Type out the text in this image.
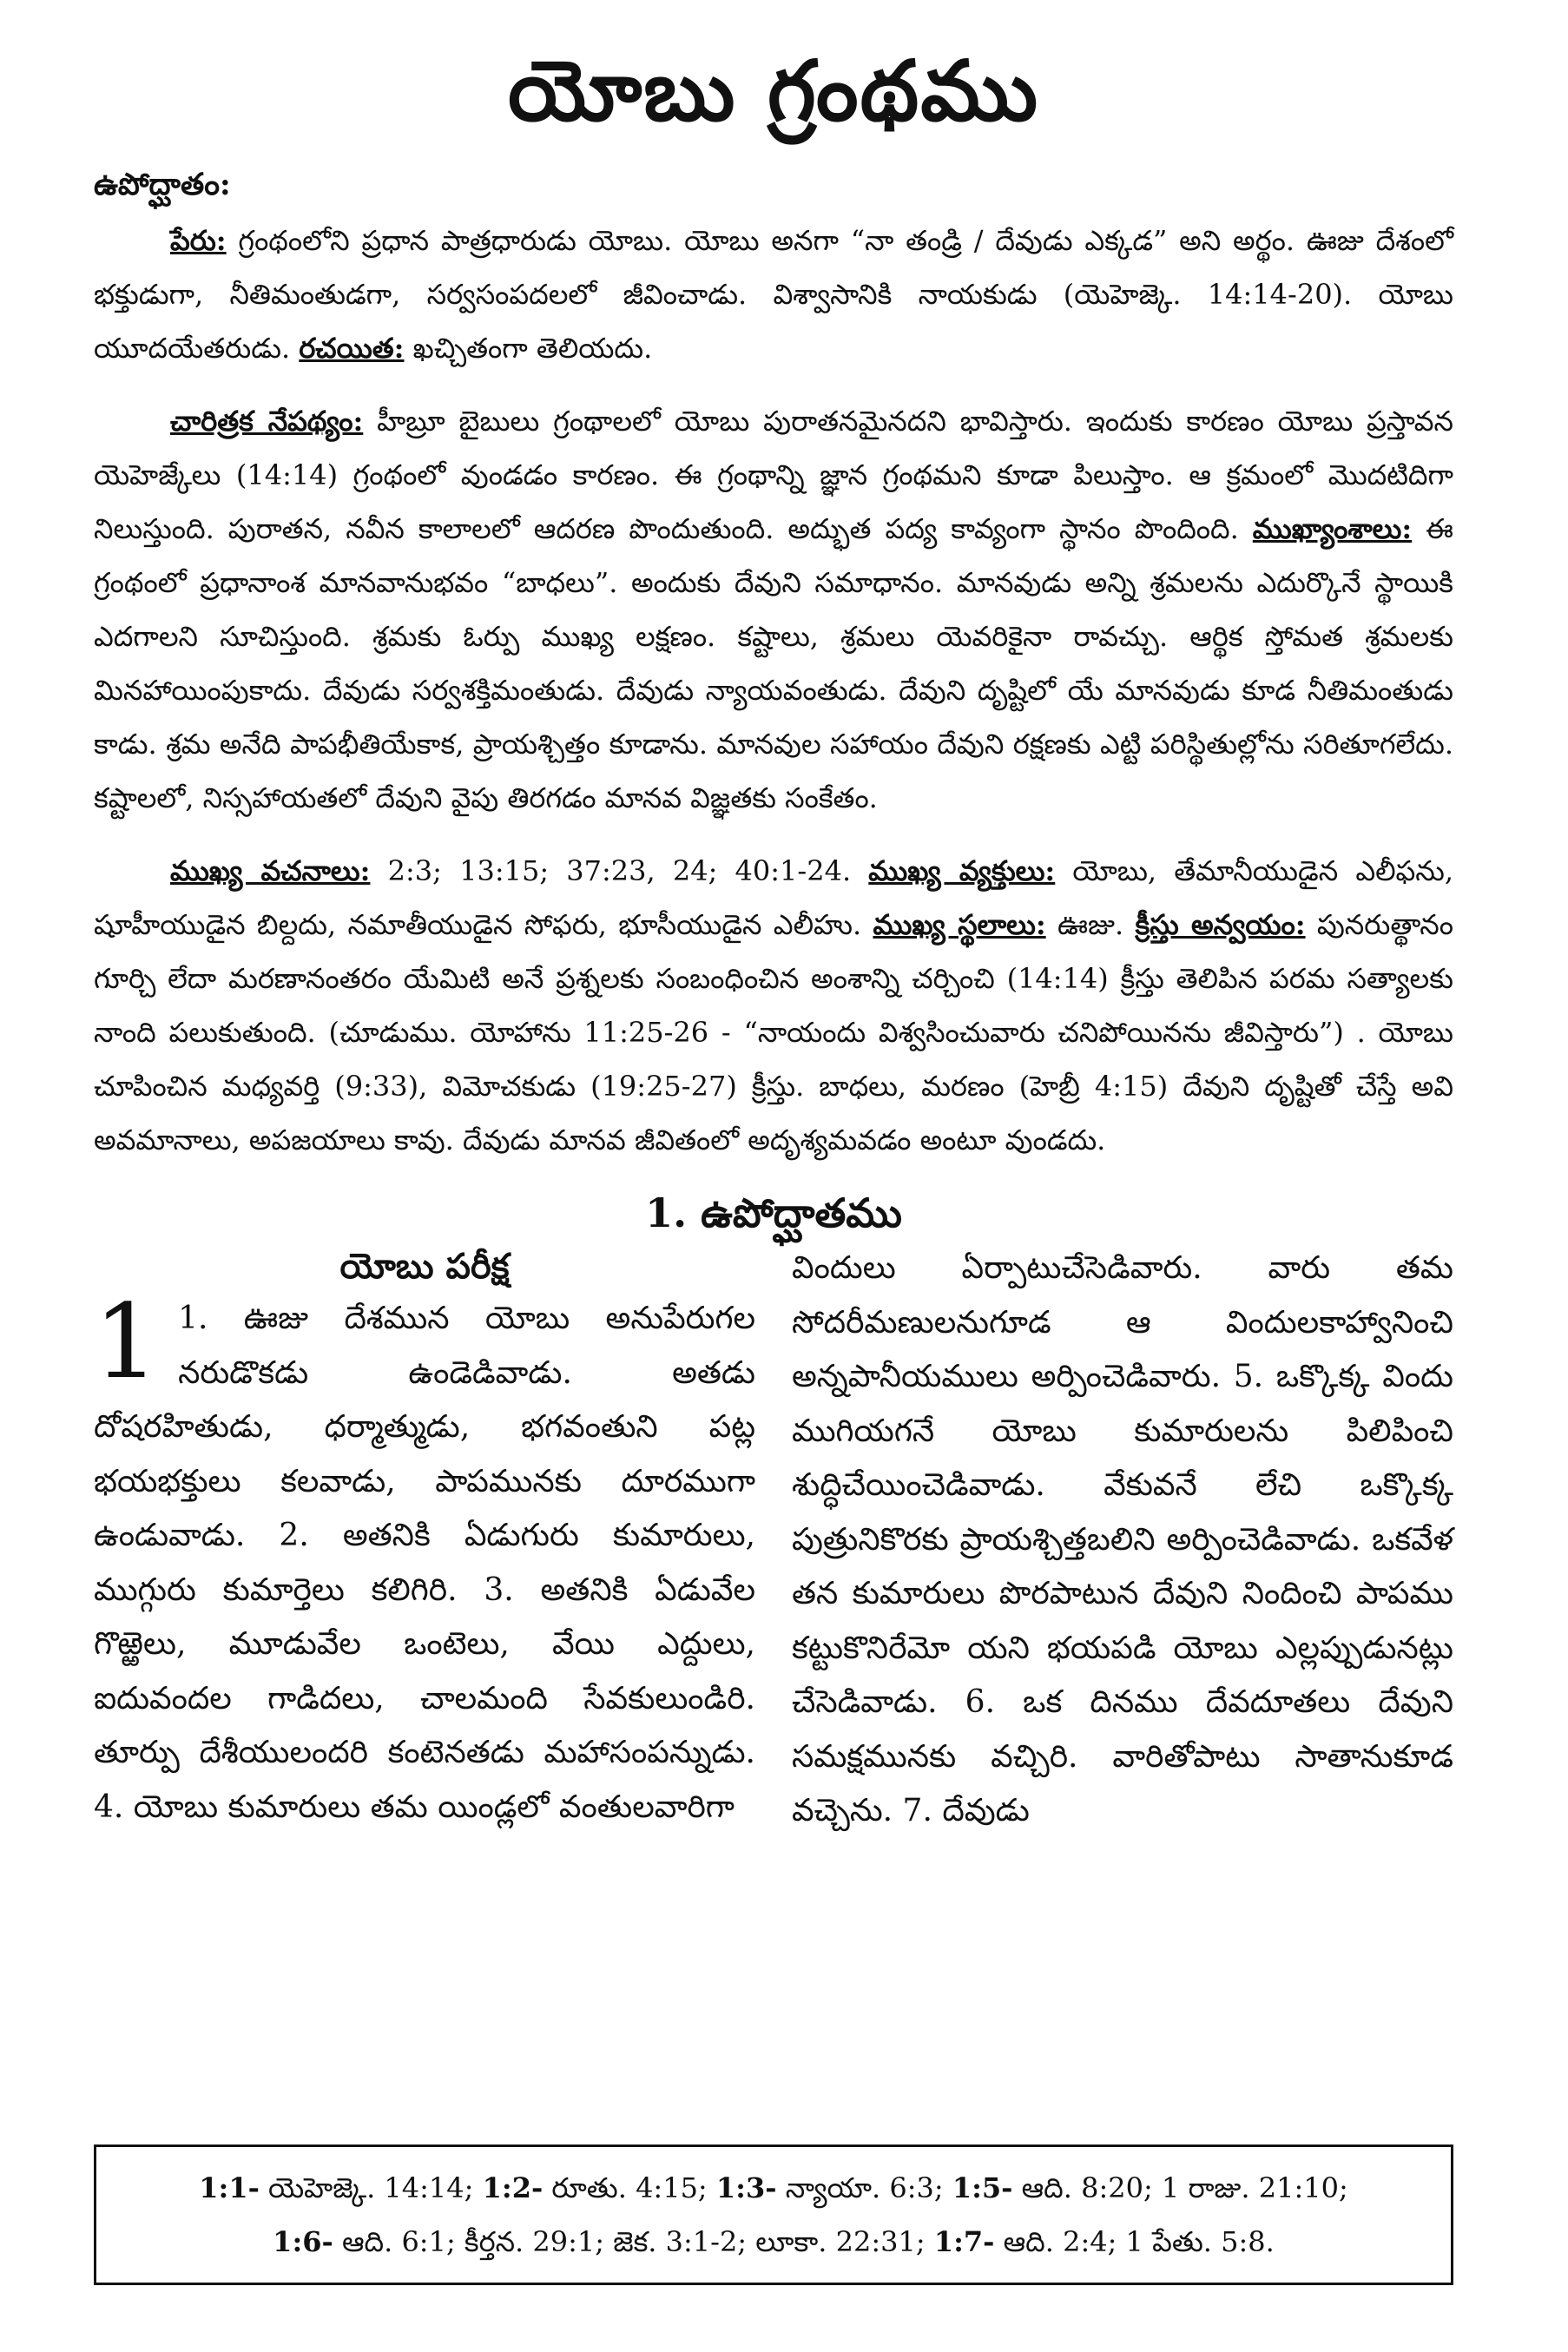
యోబు గ్రంథము
ఉపోద్ఘాతం:

పేరు: గ్రంథంలోని ప్రధాన పాత్రధారుడు యోబు. యోబు అనగా “నా తండ్రి / దేవుడు ఎక్కడ” అని అర్థం. ఊజు దేశంలో భక్తుడుగా, నీతిమంతుడగా, సర్వసంపదలలో జీవించాడు. విశ్వాసానికి నాయకుడు (యెహెజ్కె. 14:14-20). యోబు యూదయేతరుడు. రచయిత: ఖచ్చితంగా తెలియదు.

చారిత్రక నేపథ్యం: హీబ్రూ బైబులు గ్రంథాలలో యోబు పురాతనమైనదని భావిస్తారు. ఇందుకు కారణం యోబు ప్రస్తావన యెహెజ్కేలు (14:14) గ్రంథంలో వుండడం కారణం. ఈ గ్రంథాన్ని జ్ఞాన గ్రంథమని కూడా పిలుస్తాం. ఆ క్రమంలో మొదటిదిగా నిలుస్తుంది. పురాతన, నవీన కాలాలలో ఆదరణ పొందుతుంది. అద్భుత పద్య కావ్యంగా స్థానం పొందింది. ముఖ్యాంశాలు: ఈ గ్రంథంలో ప్రధానాంశ మానవానుభవం “బాధలు”. అందుకు దేవుని సమాధానం. మానవుడు అన్ని శ్రమలను ఎదుర్కొనే స్థాయికి ఎదగాలని సూచిస్తుంది. శ్రమకు ఓర్పు ముఖ్య లక్షణం. కష్టాలు, శ్రమలు యెవరికైనా రావచ్చు. ఆర్థిక స్తోమత శ్రమలకు మినహాయింపుకాదు. దేవుడు సర్వశక్తిమంతుడు. దేవుడు న్యాయవంతుడు. దేవుని దృష్టిలో యే మానవుడు కూడ నీతిమంతుడు కాడు. శ్రమ అనేది పాపభీతియేకాక, ప్రాయశ్చిత్తం కూడాను. మానవుల సహాయం దేవుని రక్షణకు ఎట్టి పరిస్థితుల్లోను సరితూగలేదు. కష్టాలలో, నిస్సహాయతలో దేవుని వైపు తిరగడం మానవ విజ్ఞతకు సంకేతం.

ముఖ్య వచనాలు: 2:3; 13:15; 37:23, 24; 40:1-24. ముఖ్య వ్యక్తులు: యోబు, తేమానీయుడైన ఎలీఫను, షూహీయుడైన బిల్దదు, నమాతీయుడైన సోఫరు, భూసీయుడైన ఎలీహు. ముఖ్య స్థలాలు: ఊజు. క్రీస్తు అన్వయం: పునరుత్థానం గూర్చి లేదా మరణానంతరం యేమిటి అనే ప్రశ్నలకు సంబంధించిన అంశాన్ని చర్చించి (14:14) క్రీస్తు తెలిపిన పరమ సత్యాలకు నాంది పలుకుతుంది. (చూడుము. యోహాను 11:25-26 - “నాయందు విశ్వసించువారు చనిపోయినను జీవిస్తారు”) . యోబు చూపించిన మధ్యవర్తి (9:33), విమోచకుడు (19:25-27) క్రీస్తు. బాధలు, మరణం (హెబ్రీ 4:15) దేవుని దృష్టితో చేస్తే అవి అవమానాలు, అపజయాలు కావు. దేవుడు మానవ జీవితంలో అదృశ్యమవడం అంటూ వుండదు.

1. ఉపోద్ఘాతము
యోబు పరీక్ష

1 1. ఊజు దేశమున యోబు అనుపేరుగల నరుడొకడు ఉండెడివాడు. అతడు దోషరహితుడు, ధర్మాత్ముడు, భగవంతుని పట్ల భయభక్తులు కలవాడు, పాపమునకు దూరముగా ఉండువాడు. 2. అతనికి ఏడుగురు కుమారులు, ముగ్గురు కుమార్తెలు కలిగిరి. 3. అతనికి ఏడువేల గొఱ్ఱెలు, మూడువేల ఒంటెలు, వేయి ఎద్దులు, ఐదువందల గాడిదలు, చాలమంది సేవకులుండిరి. తూర్పు దేశీయులందరి కంటెనతడు మహాసంపన్నుడు. 4. యోబు కుమారులు తమ యిండ్లలో వంతులవారిగా

విందులు ఏర్పాటుచేసెడివారు. వారు తమ సోదరీమణులనుగూడ ఆ విందులకాహ్వానించి అన్నపానీయములు అర్పించెడివారు. 5. ఒక్కొక్క విందు ముగియగనే యోబు కుమారులను పిలిపించి శుద్ధిచేయించెడివాడు. వేకువనే లేచి ఒక్కొక్క పుత్రునికొరకు ప్రాయశ్చిత్తబలిని అర్పించెడివాడు. ఒకవేళ తన కుమారులు పొరపాటున దేవుని నిందించి పాపము కట్టుకొనిరేమో యని భయపడి యోబు ఎల్లప్పుడునట్లు చేసెడివాడు. 6. ఒక దినము దేవదూతలు దేవుని సమక్షమునకు వచ్చిరి. వారితోపాటు సాతానుకూడ వచ్చెను. 7. దేవుడు

1:1- యెహెజ్కె. 14:14; 1:2- రూతు. 4:15; 1:3- న్యాయా. 6:3; 1:5- ఆది. 8:20; 1 రాజు. 21:10;
1:6- ఆది. 6:1; కీర్తన. 29:1; జెక. 3:1-2; లూకా. 22:31; 1:7- ఆది. 2:4; 1 పేతు. 5:8.
